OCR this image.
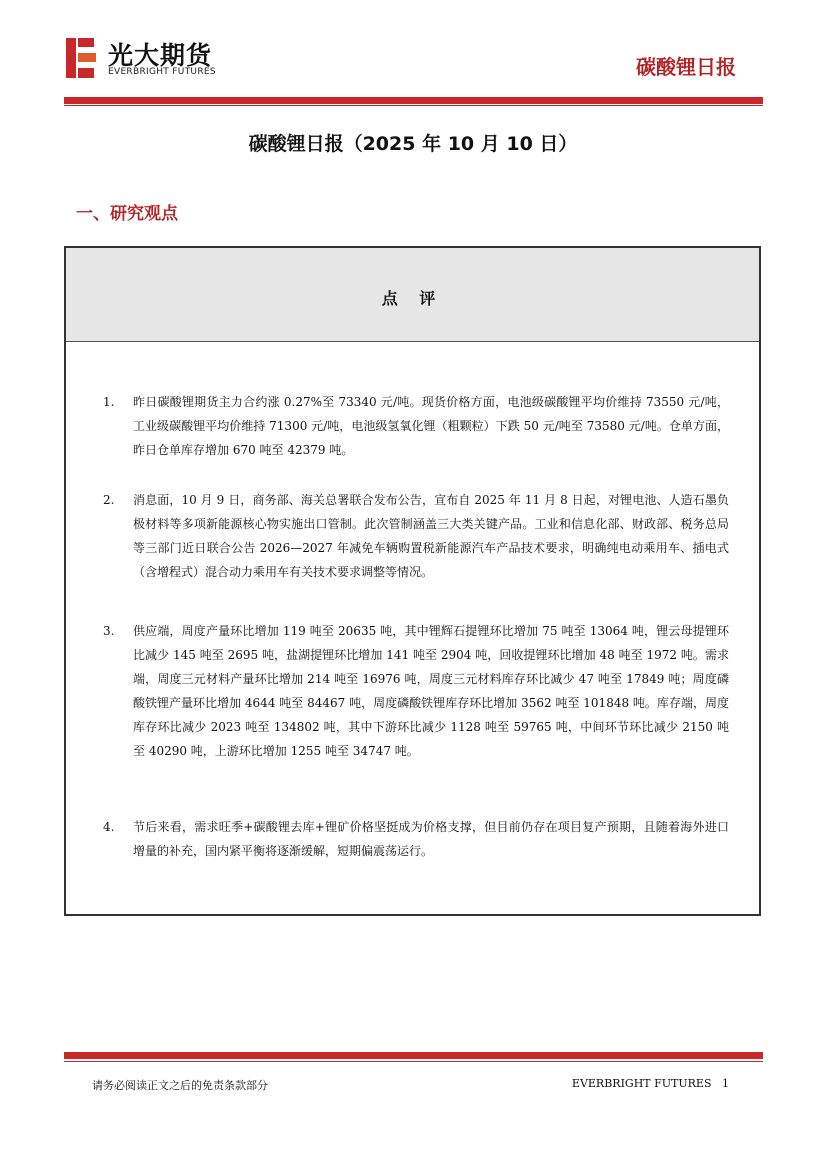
光大期货
EVERBRIGHT FUTURES	碳酸锂日报
碳酸锂日报（2025 年 10 月 10 日）
一、研究观点
点 评
1. 昨日碳酸锂期货主力合约涨 0.27%至 73340 元/吨。现货价格方面，电池级碳酸锂平均价维持 73550 元/吨，工业级碳酸锂平均价维持 71300 元/吨，电池级氢氧化锂（粗颗粒）下跌 50 元/吨至 73580 元/吨。仓单方面，昨日仓单库存增加 670 吨至 42379 吨。
2. 消息面，10 月 9 日，商务部、海关总署联合发布公告，宣布自 2025 年 11 月 8 日起，对锂电池、人造石墨负极材料等多项新能源核心物实施出口管制。此次管制涵盖三大类关键产品。工业和信息化部、财政部、税务总局等三部门近日联合公告 2026—2027 年减免车辆购置税新能源汽车产品技术要求，明确纯电动乘用车、插电式（含增程式）混合动力乘用车有关技术要求调整等情况。
3. 供应端，周度产量环比增加 119 吨至 20635 吨，其中锂辉石提锂环比增加 75 吨至 13064 吨，锂云母提锂环比减少 145 吨至 2695 吨，盐湖提锂环比增加 141 吨至 2904 吨，回收提锂环比增加 48 吨至 1972 吨。需求端，周度三元材料产量环比增加 214 吨至 16976 吨，周度三元材料库存环比减少 47 吨至 17849 吨；周度磷酸铁锂产量环比增加 4644 吨至 84467 吨，周度磷酸铁锂库存环比增加 3562 吨至 101848 吨。库存端，周度库存环比减少 2023 吨至 134802 吨，其中下游环比减少 1128 吨至 59765 吨，中间环节环比减少 2150 吨至 40290 吨，上游环比增加 1255 吨至 34747 吨。
4. 节后来看，需求旺季+碳酸锂去库+锂矿价格坚挺成为价格支撑，但目前仍存在项目复产预期，且随着海外进口增量的补充，国内紧平衡将逐渐缓解，短期偏震荡运行。
请务必阅读正文之后的免责条款部分	EVERBRIGHT FUTURES 1
